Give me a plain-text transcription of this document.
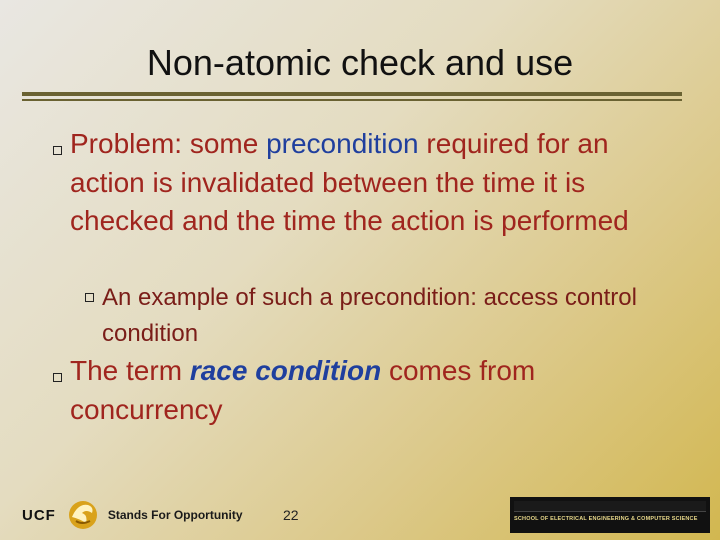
Non-atomic check and use
Problem: some precondition required for an action is invalidated between the time it is checked and the time the action is performed
An example of such a precondition: access control condition
The term race condition comes from concurrency
UCF	Stands For Opportunity	22	SCHOOL OF ELECTRICAL ENGINEERING & COMPUTER SCIENCE
